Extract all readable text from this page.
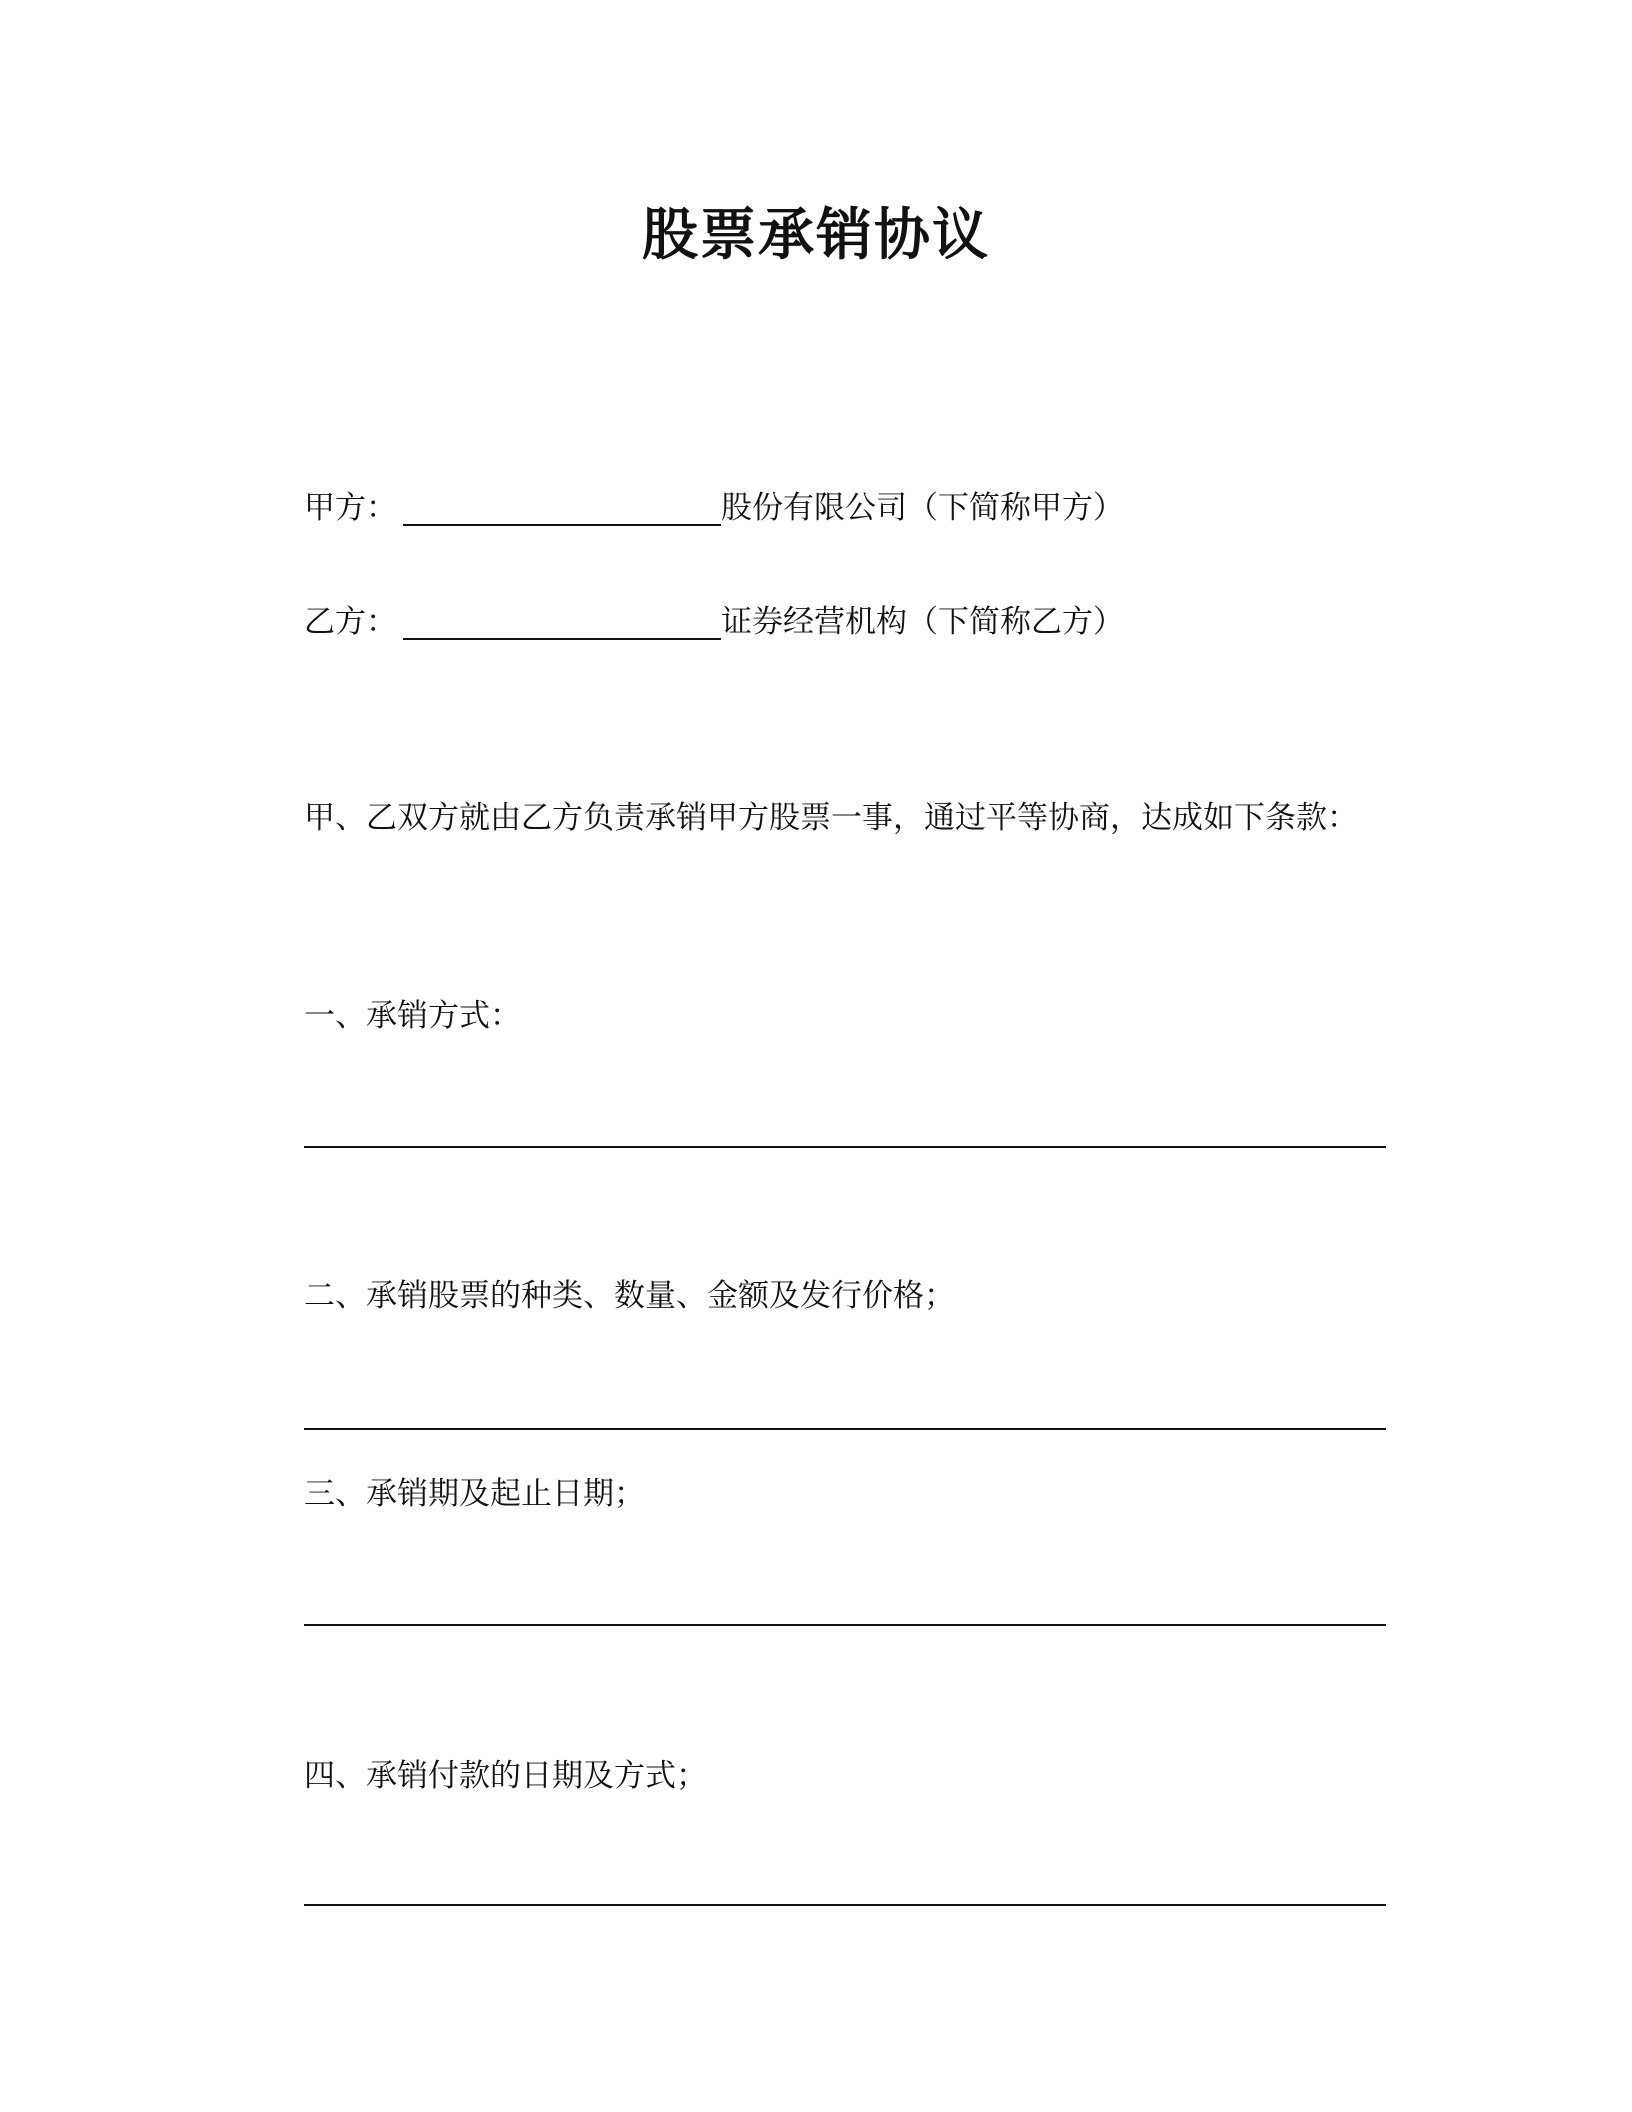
股票承销协议
甲方：	股份有限公司（下简称甲方）
乙方：	证券经营机构（下简称乙方）
甲、乙双方就由乙方负责承销甲方股票一事，通过平等协商，达成如下条款：
一、承销方式：
二、承销股票的种类、数量、金额及发行价格；
三、承销期及起止日期；
四、承销付款的日期及方式；
